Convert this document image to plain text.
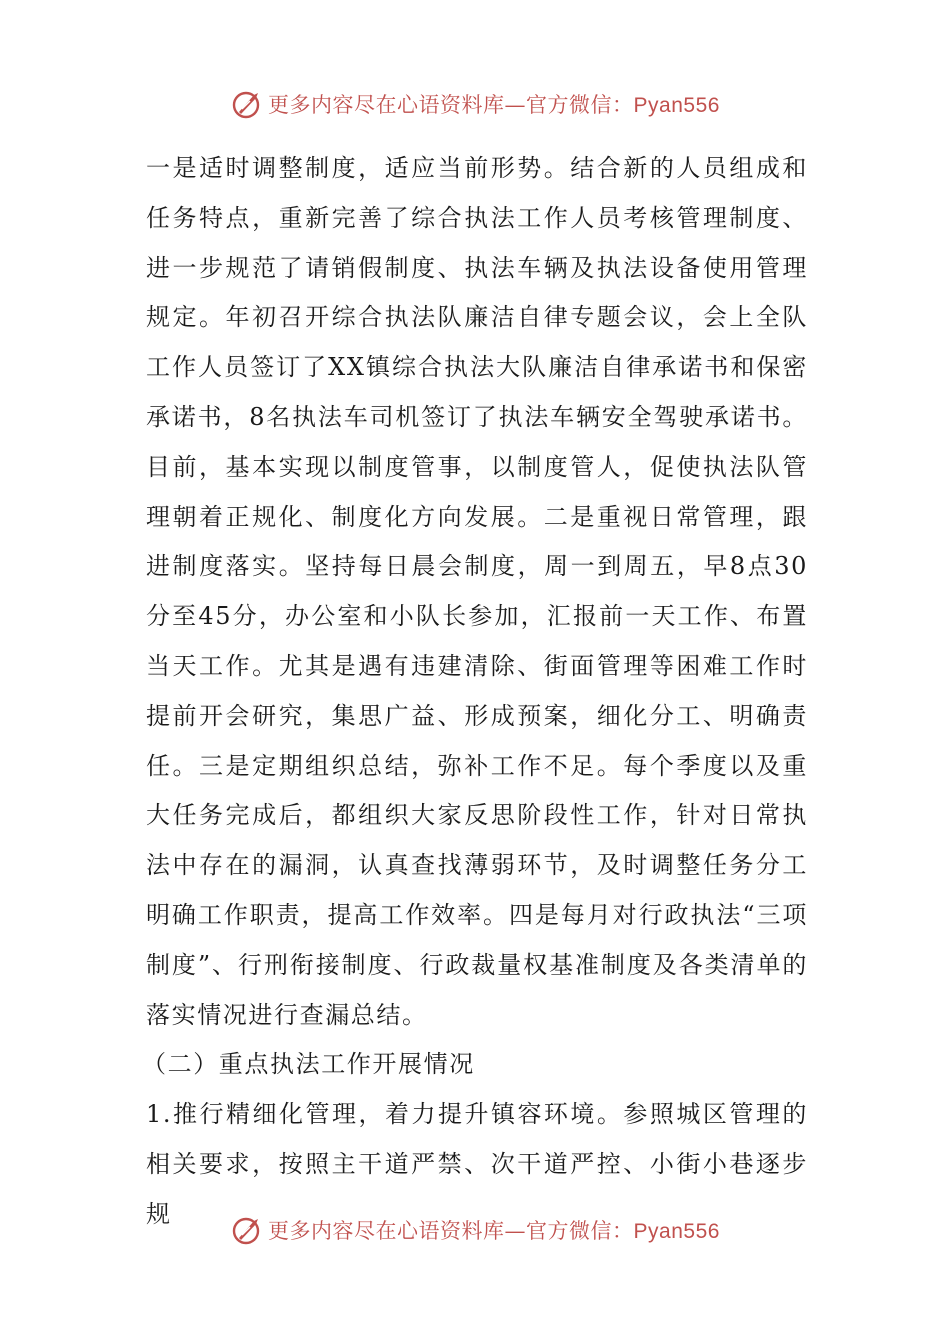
更多内容尽在心语资料库—官方微信：Pyan556

一是适时调整制度，适应当前形势。结合新的人员组成和任务特点，重新完善了综合执法工作人员考核管理制度、进一步规范了请销假制度、执法车辆及执法设备使用管理规定。年初召开综合执法队廉洁自律专题会议，会上全队工作人员签订了XX镇综合执法大队廉洁自律承诺书和保密承诺书，8名执法车司机签订了执法车辆安全驾驶承诺书。目前，基本实现以制度管事，以制度管人，促使执法队管理朝着正规化、制度化方向发展。二是重视日常管理，跟进制度落实。坚持每日晨会制度，周一到周五，早8点30分至45分，办公室和小队长参加，汇报前一天工作、布置当天工作。尤其是遇有违建清除、街面管理等困难工作时提前开会研究，集思广益、形成预案，细化分工、明确责任。三是定期组织总结，弥补工作不足。每个季度以及重大任务完成后，都组织大家反思阶段性工作，针对日常执法中存在的漏洞，认真查找薄弱环节，及时调整任务分工明确工作职责，提高工作效率。四是每月对行政执法“三项制度”、行刑衔接制度、行政裁量权基准制度及各类清单的落实情况进行查漏总结。

（二）重点执法工作开展情况

1.推行精细化管理，着力提升镇容环境。参照城区管理的相关要求，按照主干道严禁、次干道严控、小街小巷逐步规

更多内容尽在心语资料库—官方微信：Pyan556
